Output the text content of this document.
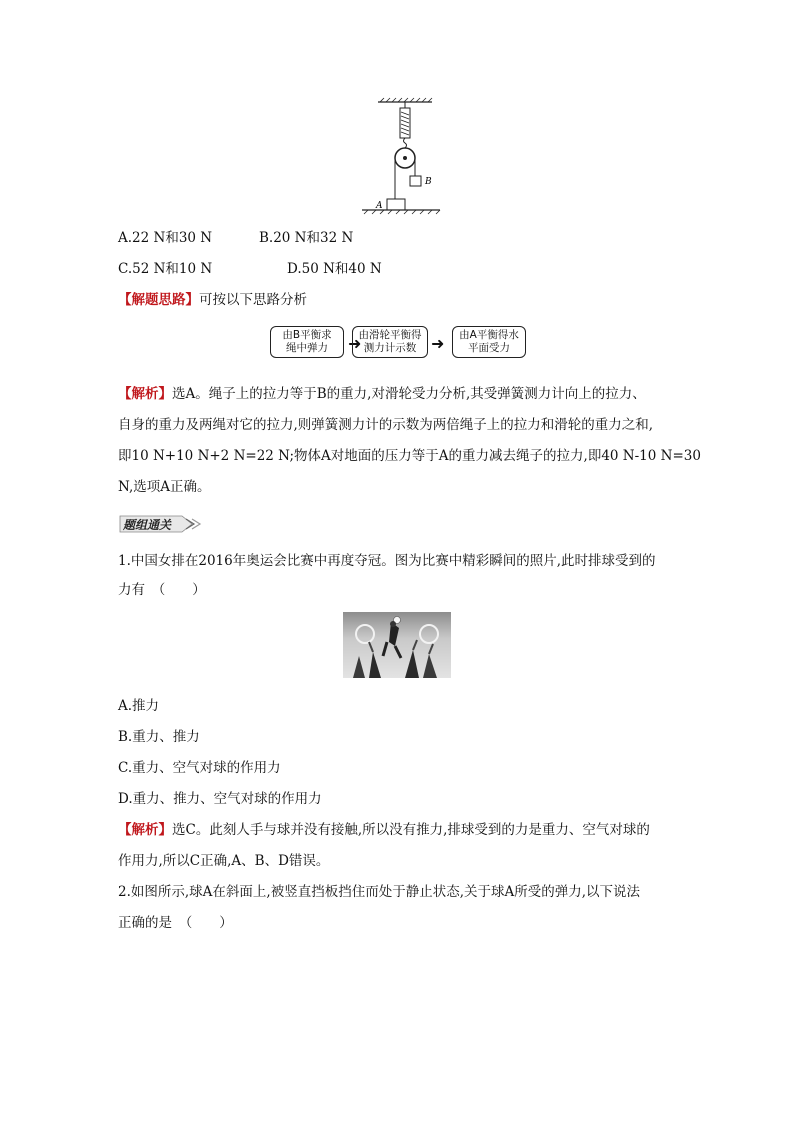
B
A
A.22 N和30 N	B.20 N和32 N
C.52 N和10 N	D.50 N和40 N
【解题思路】可按以下思路分析
由B平衡求
绳中弹力	➜
由滑轮平衡得
测力计示数 ➜	由A平衡得水
平面受力
【解析】选A。绳子上的拉力等于B的重力,对滑轮受力分析,其受弹簧测力计向上的拉力、
自身的重力及两绳对它的拉力,则弹簧测力计的示数为两倍绳子上的拉力和滑轮的重力之和,
即10 N+10 N+2 N=22 N;物体A对地面的压力等于A的重力减去绳子的拉力,即40 N-10 N=30
N,选项A正确。
题组通关
1.中国女排在2016年奥运会比赛中再度夺冠。图为比赛中精彩瞬间的照片,此时排球受到的
力有　（　　）
A.推力
B.重力、推力
C.重力、空气对球的作用力
D.重力、推力、空气对球的作用力
【解析】选C。此刻人手与球并没有接触,所以没有推力,排球受到的力是重力、空气对球的
作用力,所以C正确,A、B、D错误。
2.如图所示,球A在斜面上,被竖直挡板挡住而处于静止状态,关于球A所受的弹力,以下说法
正确的是　（　　）
